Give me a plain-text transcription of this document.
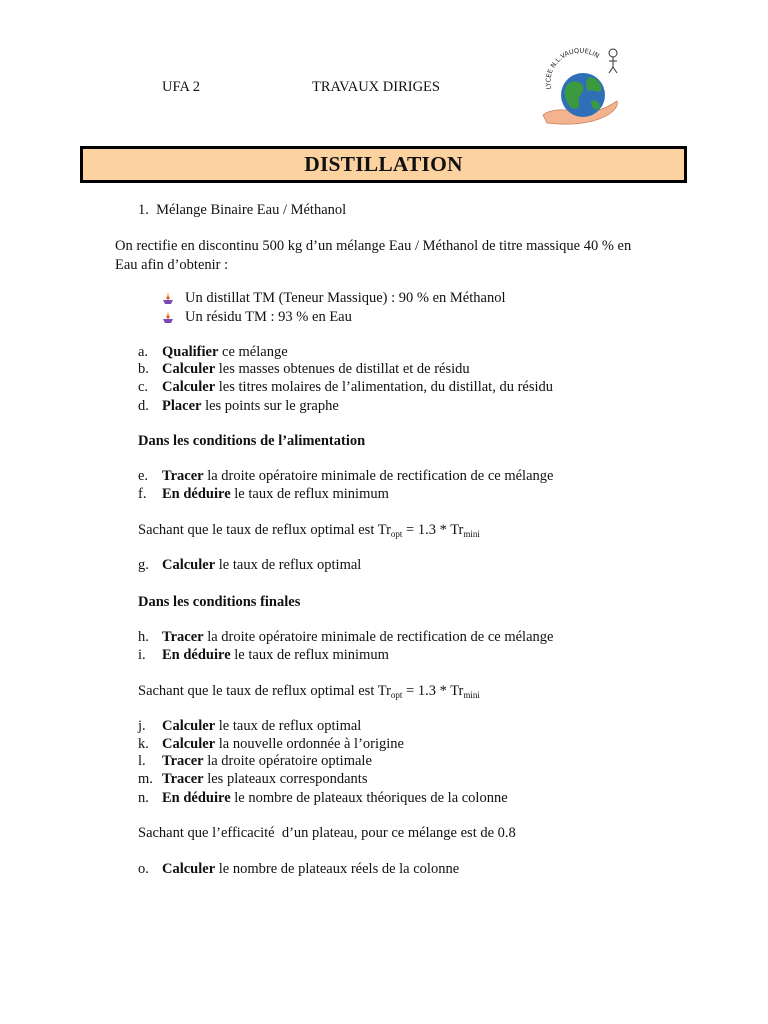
UFA 2	TRAVAUX DIRIGES	LYCEE N.L.VAUQUELIN
DISTILLATION
1.  Mélange Binaire Eau / Méthanol
On rectifie en discontinu 500 kg d’un mélange Eau / Méthanol de titre massique 40 % en
Eau afin d’obtenir :
Un distillat TM (Teneur Massique) : 90 % en Méthanol
Un résidu TM : 93 % en Eau
a. Qualifier ce mélange
b. Calculer les masses obtenues de distillat et de résidu
c. Calculer les titres molaires de l’alimentation, du distillat, du résidu
d. Placer les points sur le graphe
Dans les conditions de l’alimentation
e. Tracer la droite opératoire minimale de rectification de ce mélange
f. En déduire le taux de reflux minimum
Sachant que le taux de reflux optimal est $Tr_{opt} = 1.3 * Tr_{mini}$
g. Calculer le taux de reflux optimal
Dans les conditions finales
h. Tracer la droite opératoire minimale de rectification de ce mélange
i. En déduire le taux de reflux minimum
Sachant que le taux de reflux optimal est $Tr_{opt} = 1.3 * Tr_{mini}$
j. Calculer le taux de reflux optimal
k. Calculer la nouvelle ordonnée à l’origine
l. Tracer la droite opératoire optimale
m. Tracer les plateaux correspondants
n. En déduire le nombre de plateaux théoriques de la colonne
Sachant que l’efficacité  d’un plateau, pour ce mélange est de 0.8
o. Calculer le nombre de plateaux réels de la colonne
